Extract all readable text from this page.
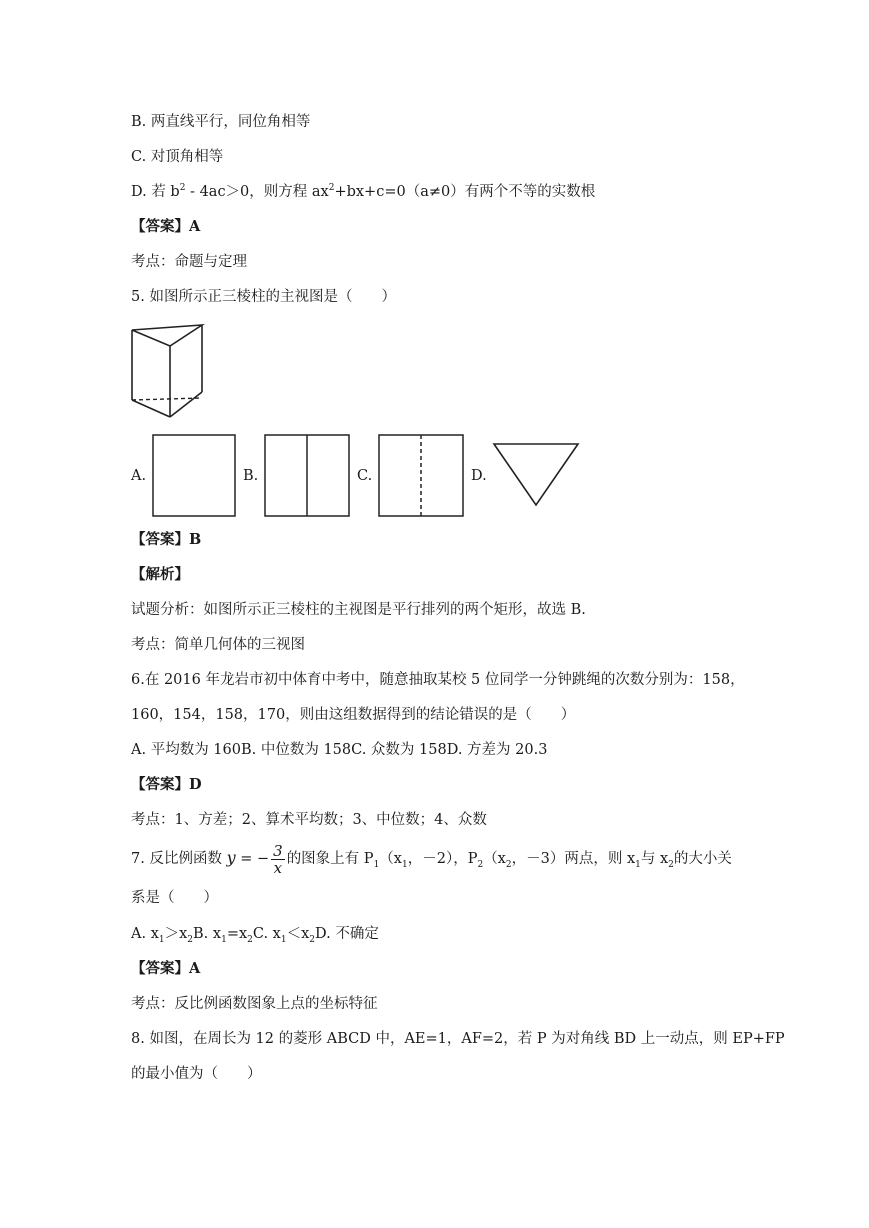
B. 两直线平行，同位角相等
C. 对顶角相等
D. 若 $b^2 - 4ac>0$，则方程 $ax^2+bx+c=0(a\ne 0)$有两个不等的实数根
【答案】A
考点：命题与定理
5. 如图所示正三棱柱的主视图是（　　）
A.	B.	C.	D.
【答案】B
【解析】
试题分析：如图所示正三棱柱的主视图是平行排列的两个矩形，故选 B.
考点：简单几何体的三视图
6.在 2016 年龙岩市初中体育中考中，随意抽取某校 5 位同学一分钟跳绳的次数分别为：158，
160，154，158，170，则由这组数据得到的结论错误的是（　　）
A. 平均数为 160B. 中位数为 158C. 众数为 158D. 方差为 20.3
【答案】D
考点：1、方差；2、算术平均数；3、中位数；4、众数
7. 反比例函数 y = − $\frac{3}{x}$ 的图象上有 $P_1(x_1$，－2），$P_2(x_2$，－3）两点，则 $x_1$与 $x_2$的大小关
系是（　　）
A. $x_1>x_2B$. $x_1=x_2C$. $x_1<x_2D$. 不确定
【答案】A
考点：反比例函数图象上点的坐标特征
8. 如图，在周长为 12 的菱形 ABCD 中，AE=1，AF=2，若 P 为对角线 BD 上一动点，则 EP+FP
的最小值为（　　）
